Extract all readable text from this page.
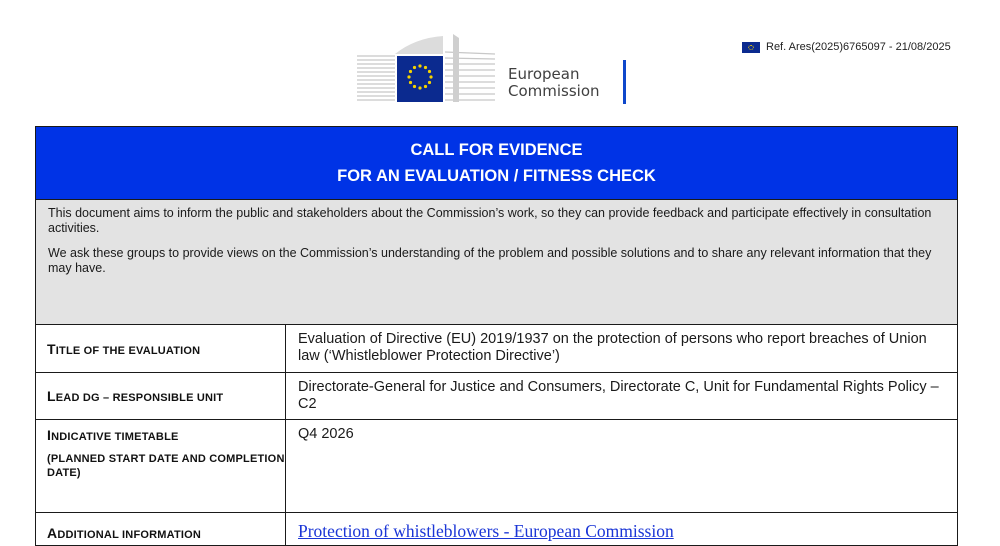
European
Commission
Ref. Ares(2025)6765097 - 21/08/2025
CALL FOR EVIDENCE
FOR AN EVALUATION / FITNESS CHECK

This document aims to inform the public and stakeholders about the Commission’s work, so they can provide feedback and participate effectively in consultation activities.

We ask these groups to provide views on the Commission’s understanding of the problem and possible solutions and to share any relevant information that they may have.

TITLE OF THE EVALUATION
Evaluation of Directive (EU) 2019/1937 on the protection of persons who report breaches of Union law (‘Whistleblower Protection Directive’)
LEAD DG – RESPONSIBLE UNIT
Directorate-General for Justice and Consumers, Directorate C, Unit for Fundamental Rights Policy – C2
INDICATIVE TIMETABLE
(PLANNED START DATE AND COMPLETION DATE)
Q4 2026
ADDITIONAL INFORMATION	Protection of whistleblowers - European Commission
